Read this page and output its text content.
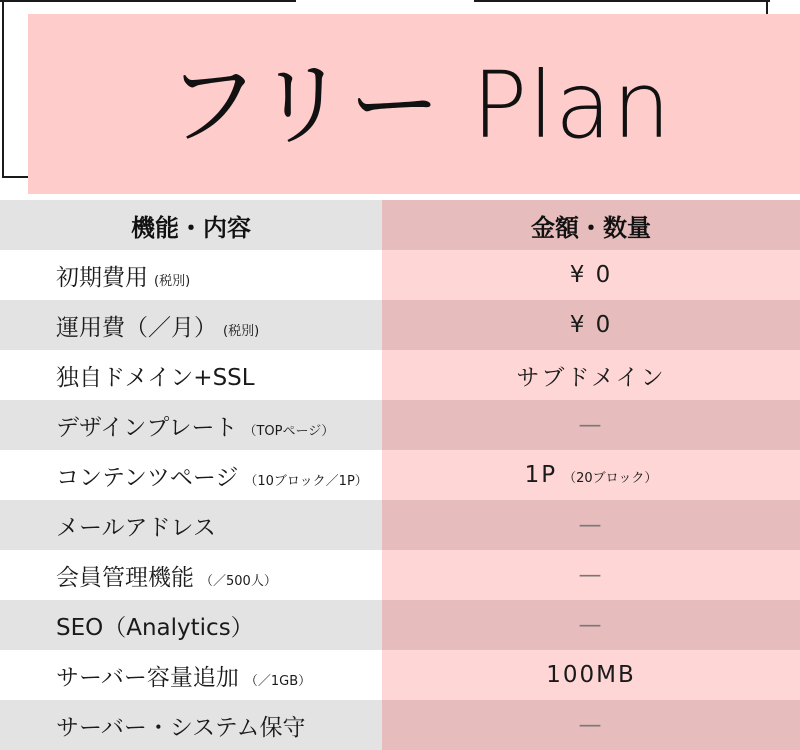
フリー Plan
機能・内容	金額・数量
初期費用 (税別)	¥ 0
運用費（／月） (税別)	¥ 0
独自ドメイン+SSL	サブドメイン
デザインプレート （TOPページ）	—
コンテンツページ （10ブロック／1P）	1P （20ブロック）
メールアドレス	—
会員管理機能 （／500人）	—
SEO（Analytics）	—
サーバー容量追加 （／1GB）	100MB
サーバー・システム保守	—
